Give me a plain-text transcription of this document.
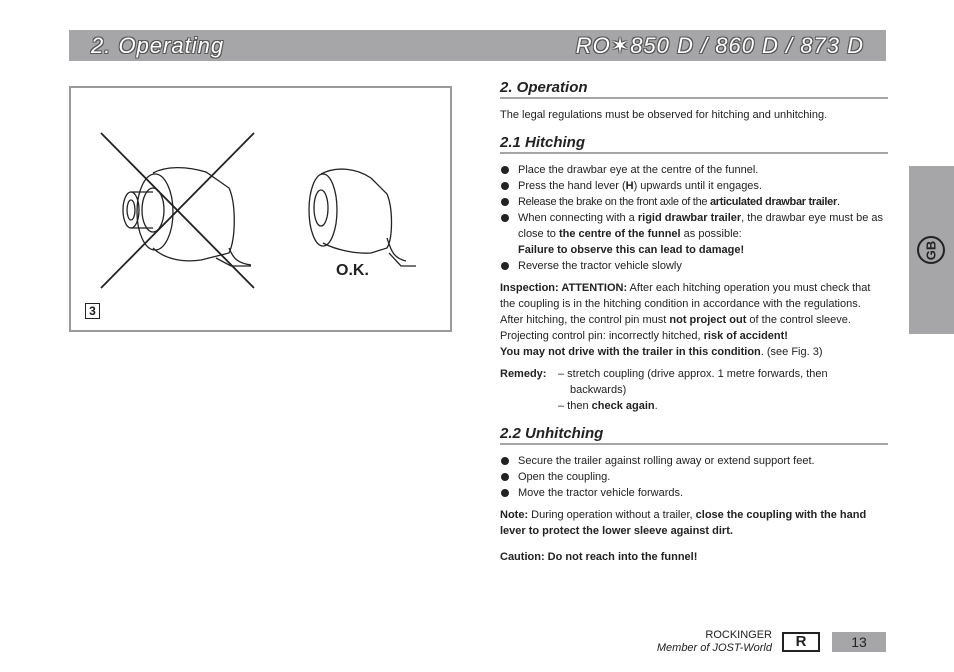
2. Operating	RO✶850 D / 860 D / 873 D
O.K.
3
2. Operation

The legal regulations must be observed for hitching and unhitching.

2.1 Hitching
Place the drawbar eye at the centre of the funnel.
Press the hand lever (H) upwards until it engages.
Release the brake on the front axle of the articulated drawbar trailer.
When connecting with a rigid drawbar trailer, the drawbar eye must be as close to the centre of the funnel as possible:
Failure to observe this can lead to damage!
Reverse the tractor vehicle slowly

Inspection: ATTENTION: After each hitching operation you must check that the coupling is in the hitching condition in accordance with the regulations.

After hitching, the control pin must not project out of the control sleeve.

Projecting control pin: incorrectly hitched, risk of accident!

You may not drive with the trailer in this condition. (see Fig. 3)

Remedy:	– stretch coupling (drive approx. 1 metre forwards, then
backwards)
– then check again.
2.2 Unhitching
Secure the trailer against rolling away or extend support feet.
Open the coupling.
Move the tractor vehicle forwards.

Note: During operation without a trailer, close the coupling with the hand lever to protect the lower sleeve against dirt.

Caution: Do not reach into the funnel!

GB
ROCKINGER
Member of JOST-World	R	13
